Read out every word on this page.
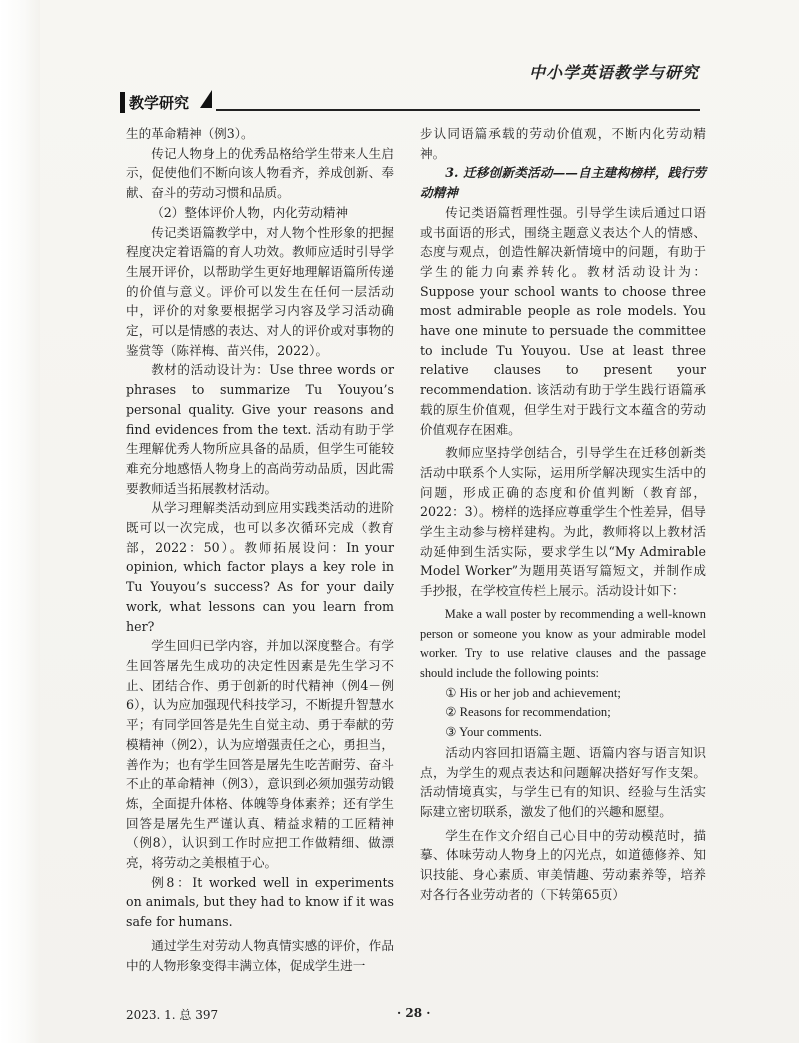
中小学英语教学与研究
教学研究

生的革命精神（例3）。

传记人物身上的优秀品格给学生带来人生启示，促使他们不断向该人物看齐，养成创新、奉献、奋斗的劳动习惯和品质。

（2）整体评价人物，内化劳动精神

传记类语篇教学中，对人物个性形象的把握程度决定着语篇的育人功效。教师应适时引导学生展开评价，以帮助学生更好地理解语篇所传递的价值与意义。评价可以发生在任何一层活动中，评价的对象要根据学习内容及学习活动确定，可以是情感的表达、对人的评价或对事物的鉴赏等（陈祥梅、苗兴伟，2022）。

教材的活动设计为：Use three words or phrases to summarize Tu Youyou’s personal quality. Give your reasons and find evidences from the text. 活动有助于学生理解优秀人物所应具备的品质，但学生可能较难充分地感悟人物身上的高尚劳动品质，因此需要教师适当拓展教材活动。

从学习理解类活动到应用实践类活动的进阶既可以一次完成，也可以多次循环完成（教育部，2022：50）。教师拓展设问：In your opinion, which factor plays a key role in Tu Youyou’s success? As for your daily work, what lessons can you learn from her?

学生回归已学内容，并加以深度整合。有学生回答屠先生成功的决定性因素是先生学习不止、团结合作、勇于创新的时代精神（例4－例6），认为应加强现代科技学习，不断提升智慧水平；有同学回答是先生自觉主动、勇于奉献的劳模精神（例2），认为应增强责任之心，勇担当，善作为；也有学生回答是屠先生吃苦耐劳、奋斗不止的革命精神（例3），意识到必须加强劳动锻炼，全面提升体格、体魄等身体素养；还有学生回答是屠先生严谨认真、精益求精的工匠精神（例8），认识到工作时应把工作做精细、做漂亮，将劳动之美根植于心。

例8：It worked well in experiments on animals, but they had to know if it was safe for humans.

通过学生对劳动人物真情实感的评价，作品中的人物形象变得丰满立体，促成学生进一

步认同语篇承载的劳动价值观，不断内化劳动精神。

3. 迁移创新类活动——自主建构榜样，践行劳动精神

传记类语篇哲理性强。引导学生读后通过口语或书面语的形式，围绕主题意义表达个人的情感、态度与观点，创造性解决新情境中的问题，有助于学生的能力向素养转化。教材活动设计为：Suppose your school wants to choose three most admirable people as role models. You have one minute to persuade the committee to include Tu Youyou. Use at least three relative clauses to present your recommendation. 该活动有助于学生践行语篇承载的原生价值观，但学生对于践行文本蕴含的劳动价值观存在困难。

教师应坚持学创结合，引导学生在迁移创新类活动中联系个人实际，运用所学解决现实生活中的问题，形成正确的态度和价值判断（教育部，2022：3）。榜样的选择应尊重学生个性差异，倡导学生主动参与榜样建构。为此，教师将以上教材活动延伸到生活实际，要求学生以“My Admirable Model Worker”为题用英语写篇短文，并制作成手抄报，在学校宣传栏上展示。活动设计如下：

Make a wall poster by recommending a well-known person or someone you know as your admirable model worker. Try to use relative clauses and the passage should include the following points:

① His or her job and achievement;

② Reasons for recommendation;

③ Your comments.

活动内容回扣语篇主题、语篇内容与语言知识点，为学生的观点表达和问题解决搭好写作支架。活动情境真实，与学生已有的知识、经验与生活实际建立密切联系，激发了他们的兴趣和愿望。

学生在作文介绍自己心目中的劳动模范时，描摹、体味劳动人物身上的闪光点，如道德修养、知识技能、身心素质、审美情趣、劳动素养等，培养对各行各业劳动者的（下转第65页）

2023. 1. 总 397	· 28 ·
